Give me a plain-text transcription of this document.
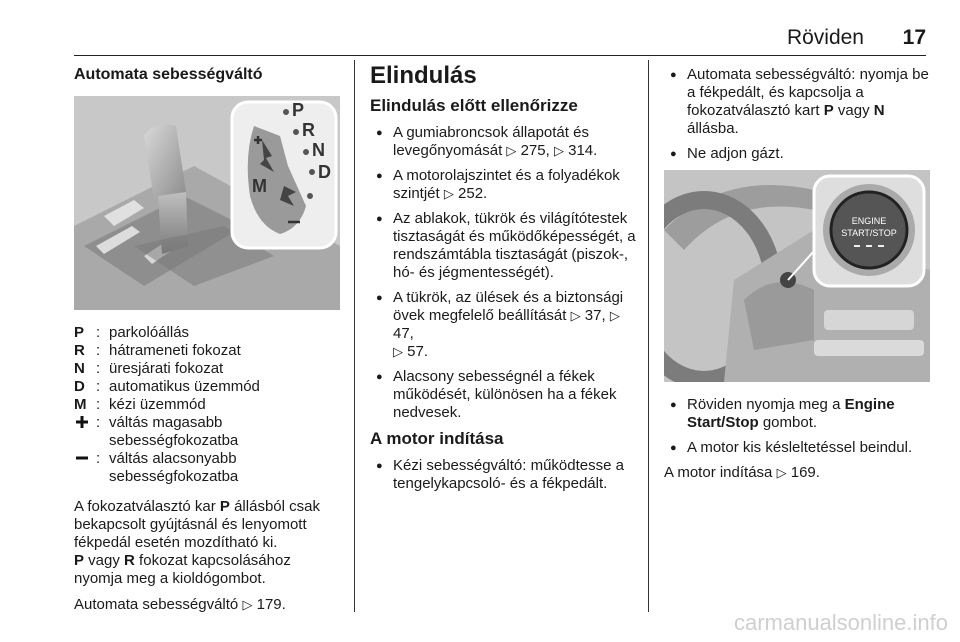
Röviden 17
Automata sebességváltó
P
R
N
D
M
P : parkolóállás
R : hátrameneti fokozat
N : üresjárati fokozat
D : automatikus üzemmód
M : kézi üzemmód
: váltás magasabb sebességfokozatba
: váltás alacsonyabb sebességfokozatba

A fokozatválasztó kar P állásból csak bekapcsolt gyújtásnál és lenyomott fékpedál esetén mozdítható ki.
P vagy R fokozat kapcsolásához nyomja meg a kioldógombot.

Automata sebességváltó ▷ 179.

Elindulás
Elindulás előtt ellenőrizze
● A gumiabroncsok állapotát és levegőnyomását ▷ 275, ▷ 314.
● A motorolajszintet és a folyadékok szintjét ▷ 252.
● Az ablakok, tükrök és világítótestek tisztaságát és működőképességét, a rendszámtábla tisztaságát (piszok-, hó- és jégmentességét).
● A tükrök, az ülések és a biztonsági övek megfelelő beállítását ▷ 37, ▷ 47,
▷ 57.
● Alacsony sebességnél a fékek működését, különösen ha a fékek nedvesek.
A motor indítása
● Kézi sebességváltó: működtesse a tengelykapcsoló- és a fékpedált.
● Automata sebességváltó: nyomja be a fékpedált, és kapcsolja a fokozatválasztó kart P vagy N állásba.
● Ne adjon gázt.
ENGINE
START/STOP
● Röviden nyomja meg a Engine Start/Stop gombot.
● A motor kis késleltetéssel beindul.

A motor indítása ▷ 169.

carmanualsonline.info
